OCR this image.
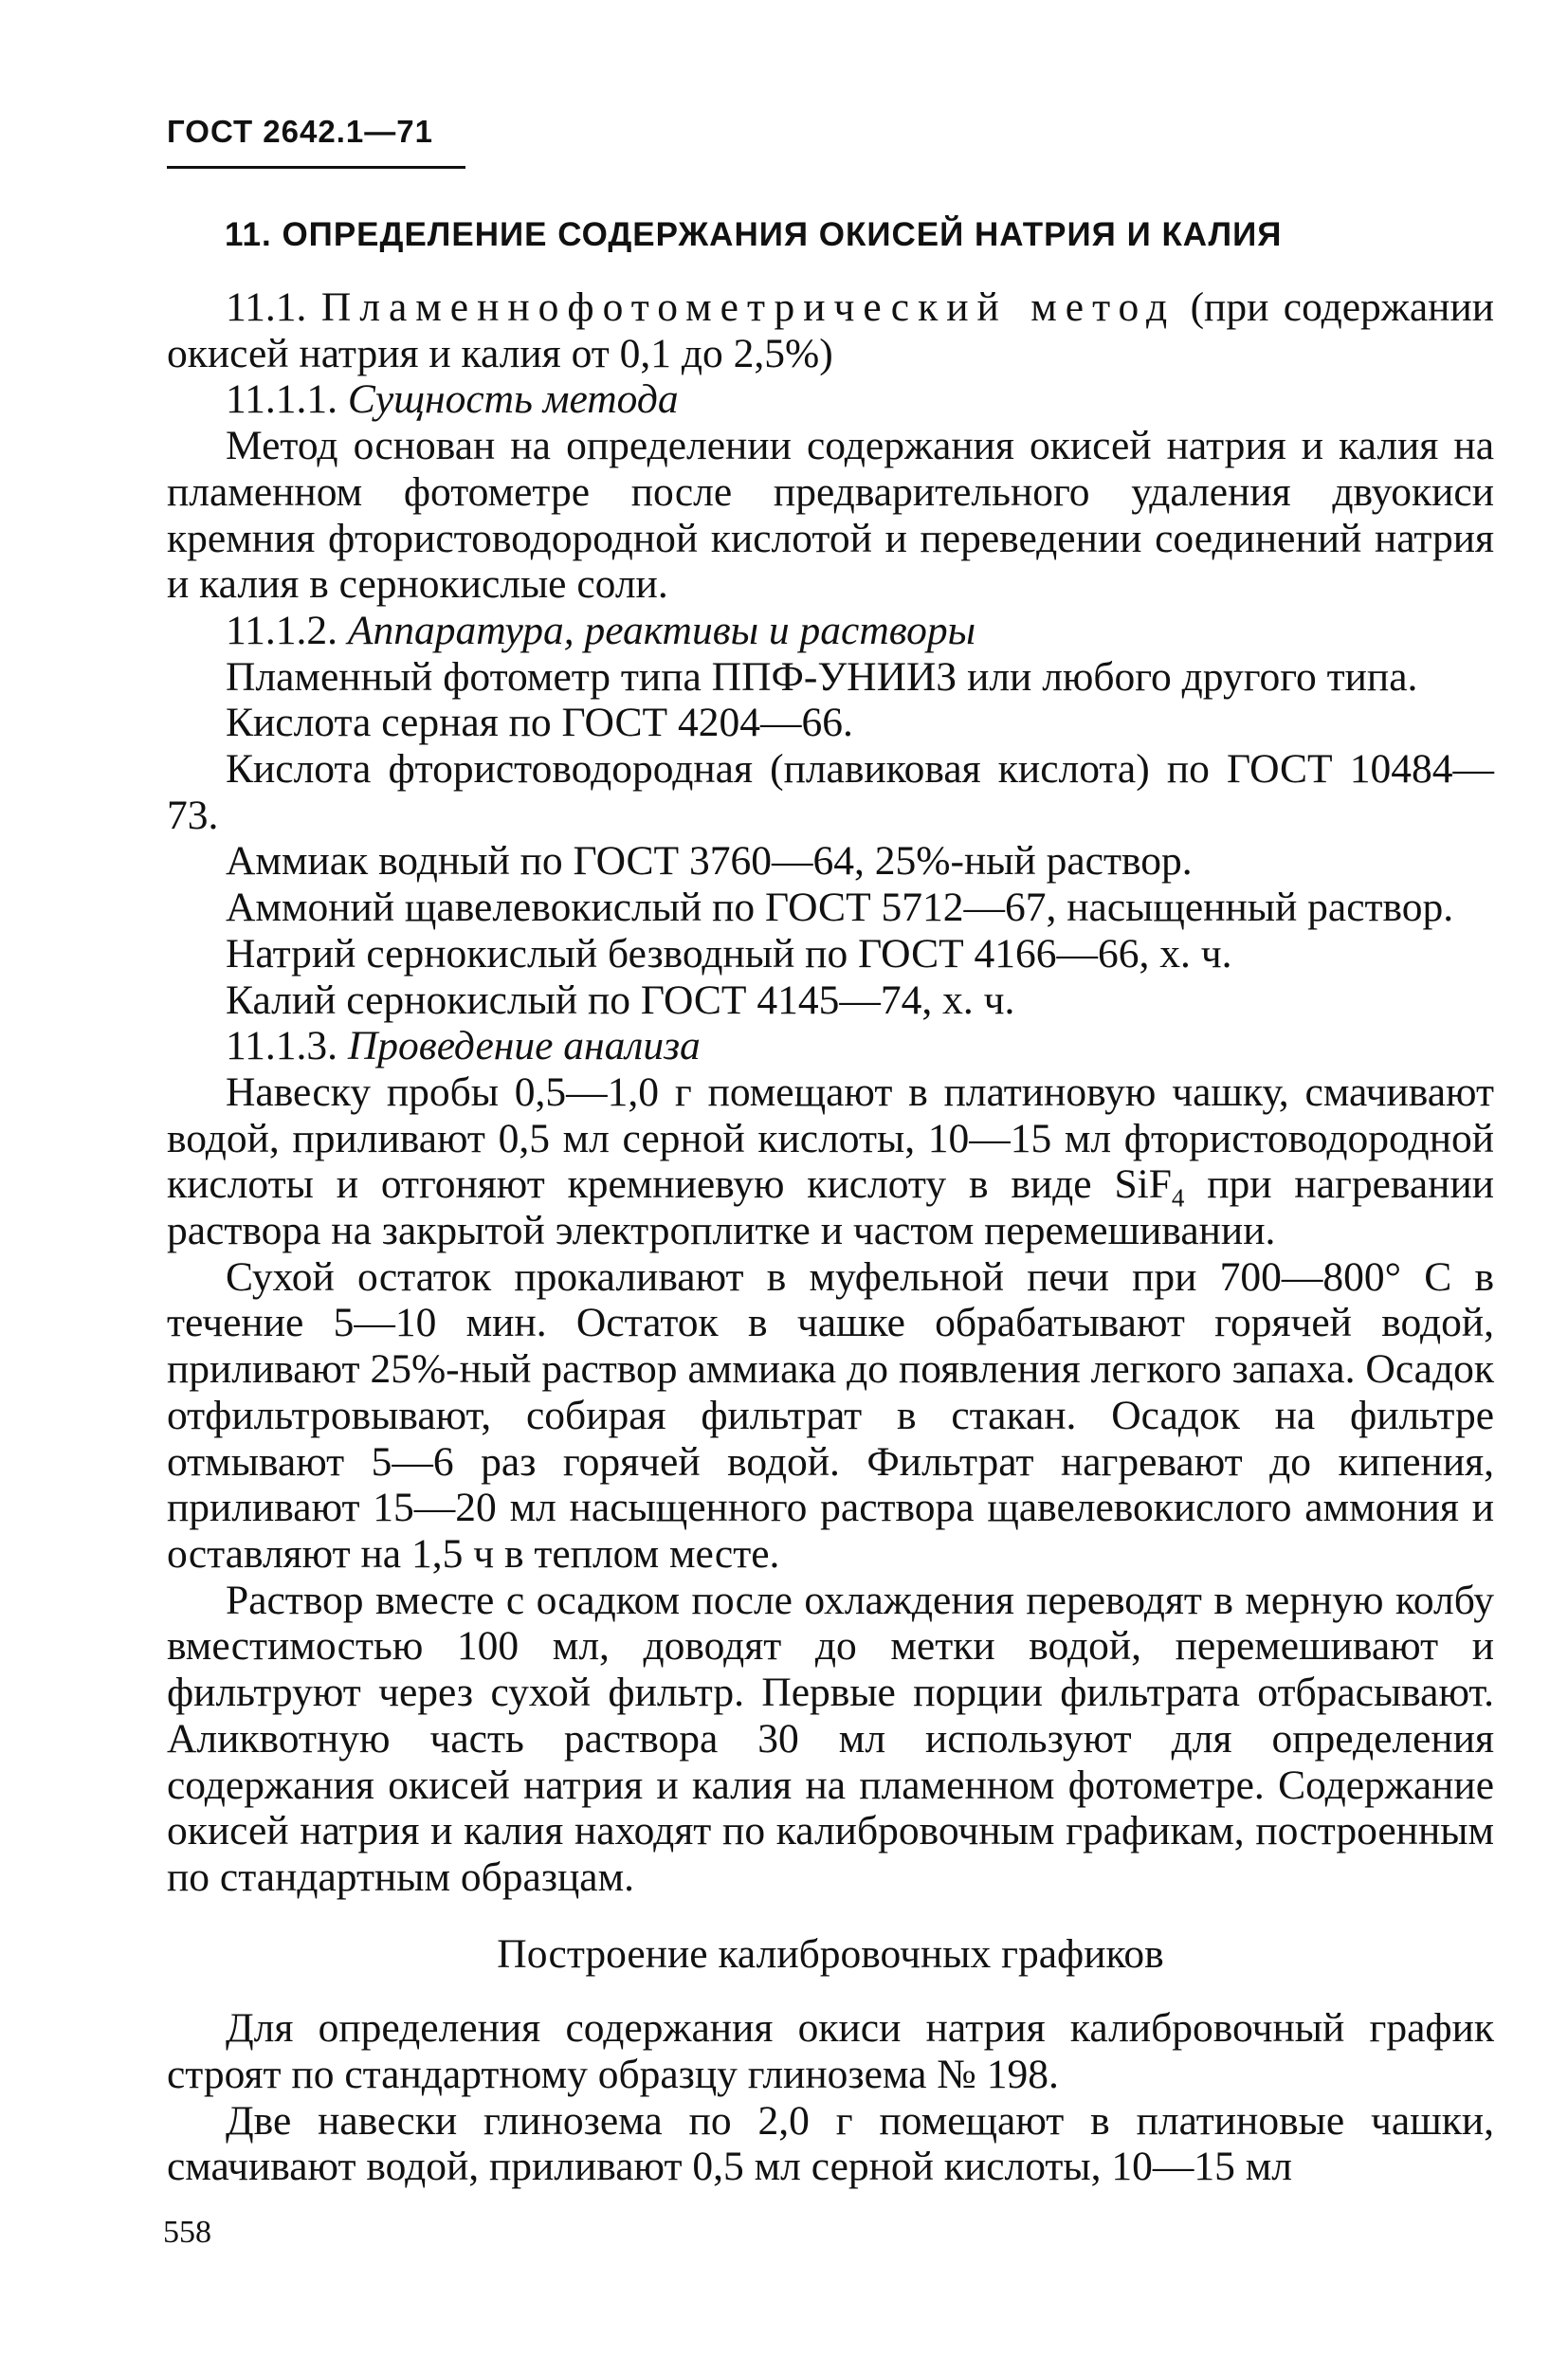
ГОСТ 2642.1—71
11. ОПРЕДЕЛЕНИЕ СОДЕРЖАНИЯ ОКИСЕЙ НАТРИЯ И КАЛИЯ

11.1. Пламеннофотометрический метод (при содержании окисей натрия и калия от 0,1 до 2,5%)

11.1.1. Сущность метода

Метод основан на определении содержания окисей натрия и калия на пламенном фотометре после предварительного удаления двуокиси кремния фтористоводородной кислотой и переведении соединений натрия и калия в сернокислые соли.

11.1.2. Аппаратура, реактивы и растворы

Пламенный фотометр типа ППФ-УНИИЗ или любого другого типа.

Кислота серная по ГОСТ 4204—66.

Кислота фтористоводородная (плавиковая кислота) по ГОСТ 10484—73.

Аммиак водный по ГОСТ 3760—64, 25%-ный раствор.

Аммоний щавелевокислый по ГОСТ 5712—67, насыщенный раствор.

Натрий сернокислый безводный по ГОСТ 4166—66, х. ч.

Калий сернокислый по ГОСТ 4145—74, х. ч.

11.1.3. Проведение анализа

Навеску пробы 0,5—1,0 г помещают в платиновую чашку, смачивают водой, приливают 0,5 мл серной кислоты, 10—15 мл фтористоводородной кислоты и отгоняют кремниевую кислоту в виде SiF$_4$ при нагревании раствора на закрытой электроплитке и частом перемешивании.

Сухой остаток прокаливают в муфельной печи при 700—800° С в течение 5—10 мин. Остаток в чашке обрабатывают горячей водой, приливают 25%-ный раствор аммиака до появления легкого запаха. Осадок отфильтровывают, собирая фильтрат в стакан. Осадок на фильтре отмывают 5—6 раз горячей водой. Фильтрат нагревают до кипения, приливают 15—20 мл насыщенного раствора щавелевокислого аммония и оставляют на 1,5 ч в теплом месте.

Раствор вместе с осадком после охлаждения переводят в мерную колбу вместимостью 100 мл, доводят до метки водой, перемешивают и фильтруют через сухой фильтр. Первые порции фильтрата отбрасывают. Аликвотную часть раствора 30 мл используют для определения содержания окисей натрия и калия на пламенном фотометре. Содержание окисей натрия и калия находят по калибровочным графикам, построенным по стандартным образцам.

Построение калибровочных графиков

Для определения содержания окиси натрия калибровочный график строят по стандартному образцу глинозема № 198.

Две навески глинозема по 2,0 г помещают в платиновые чашки, смачивают водой, приливают 0,5 мл серной кислоты, 10—15 мл

558
